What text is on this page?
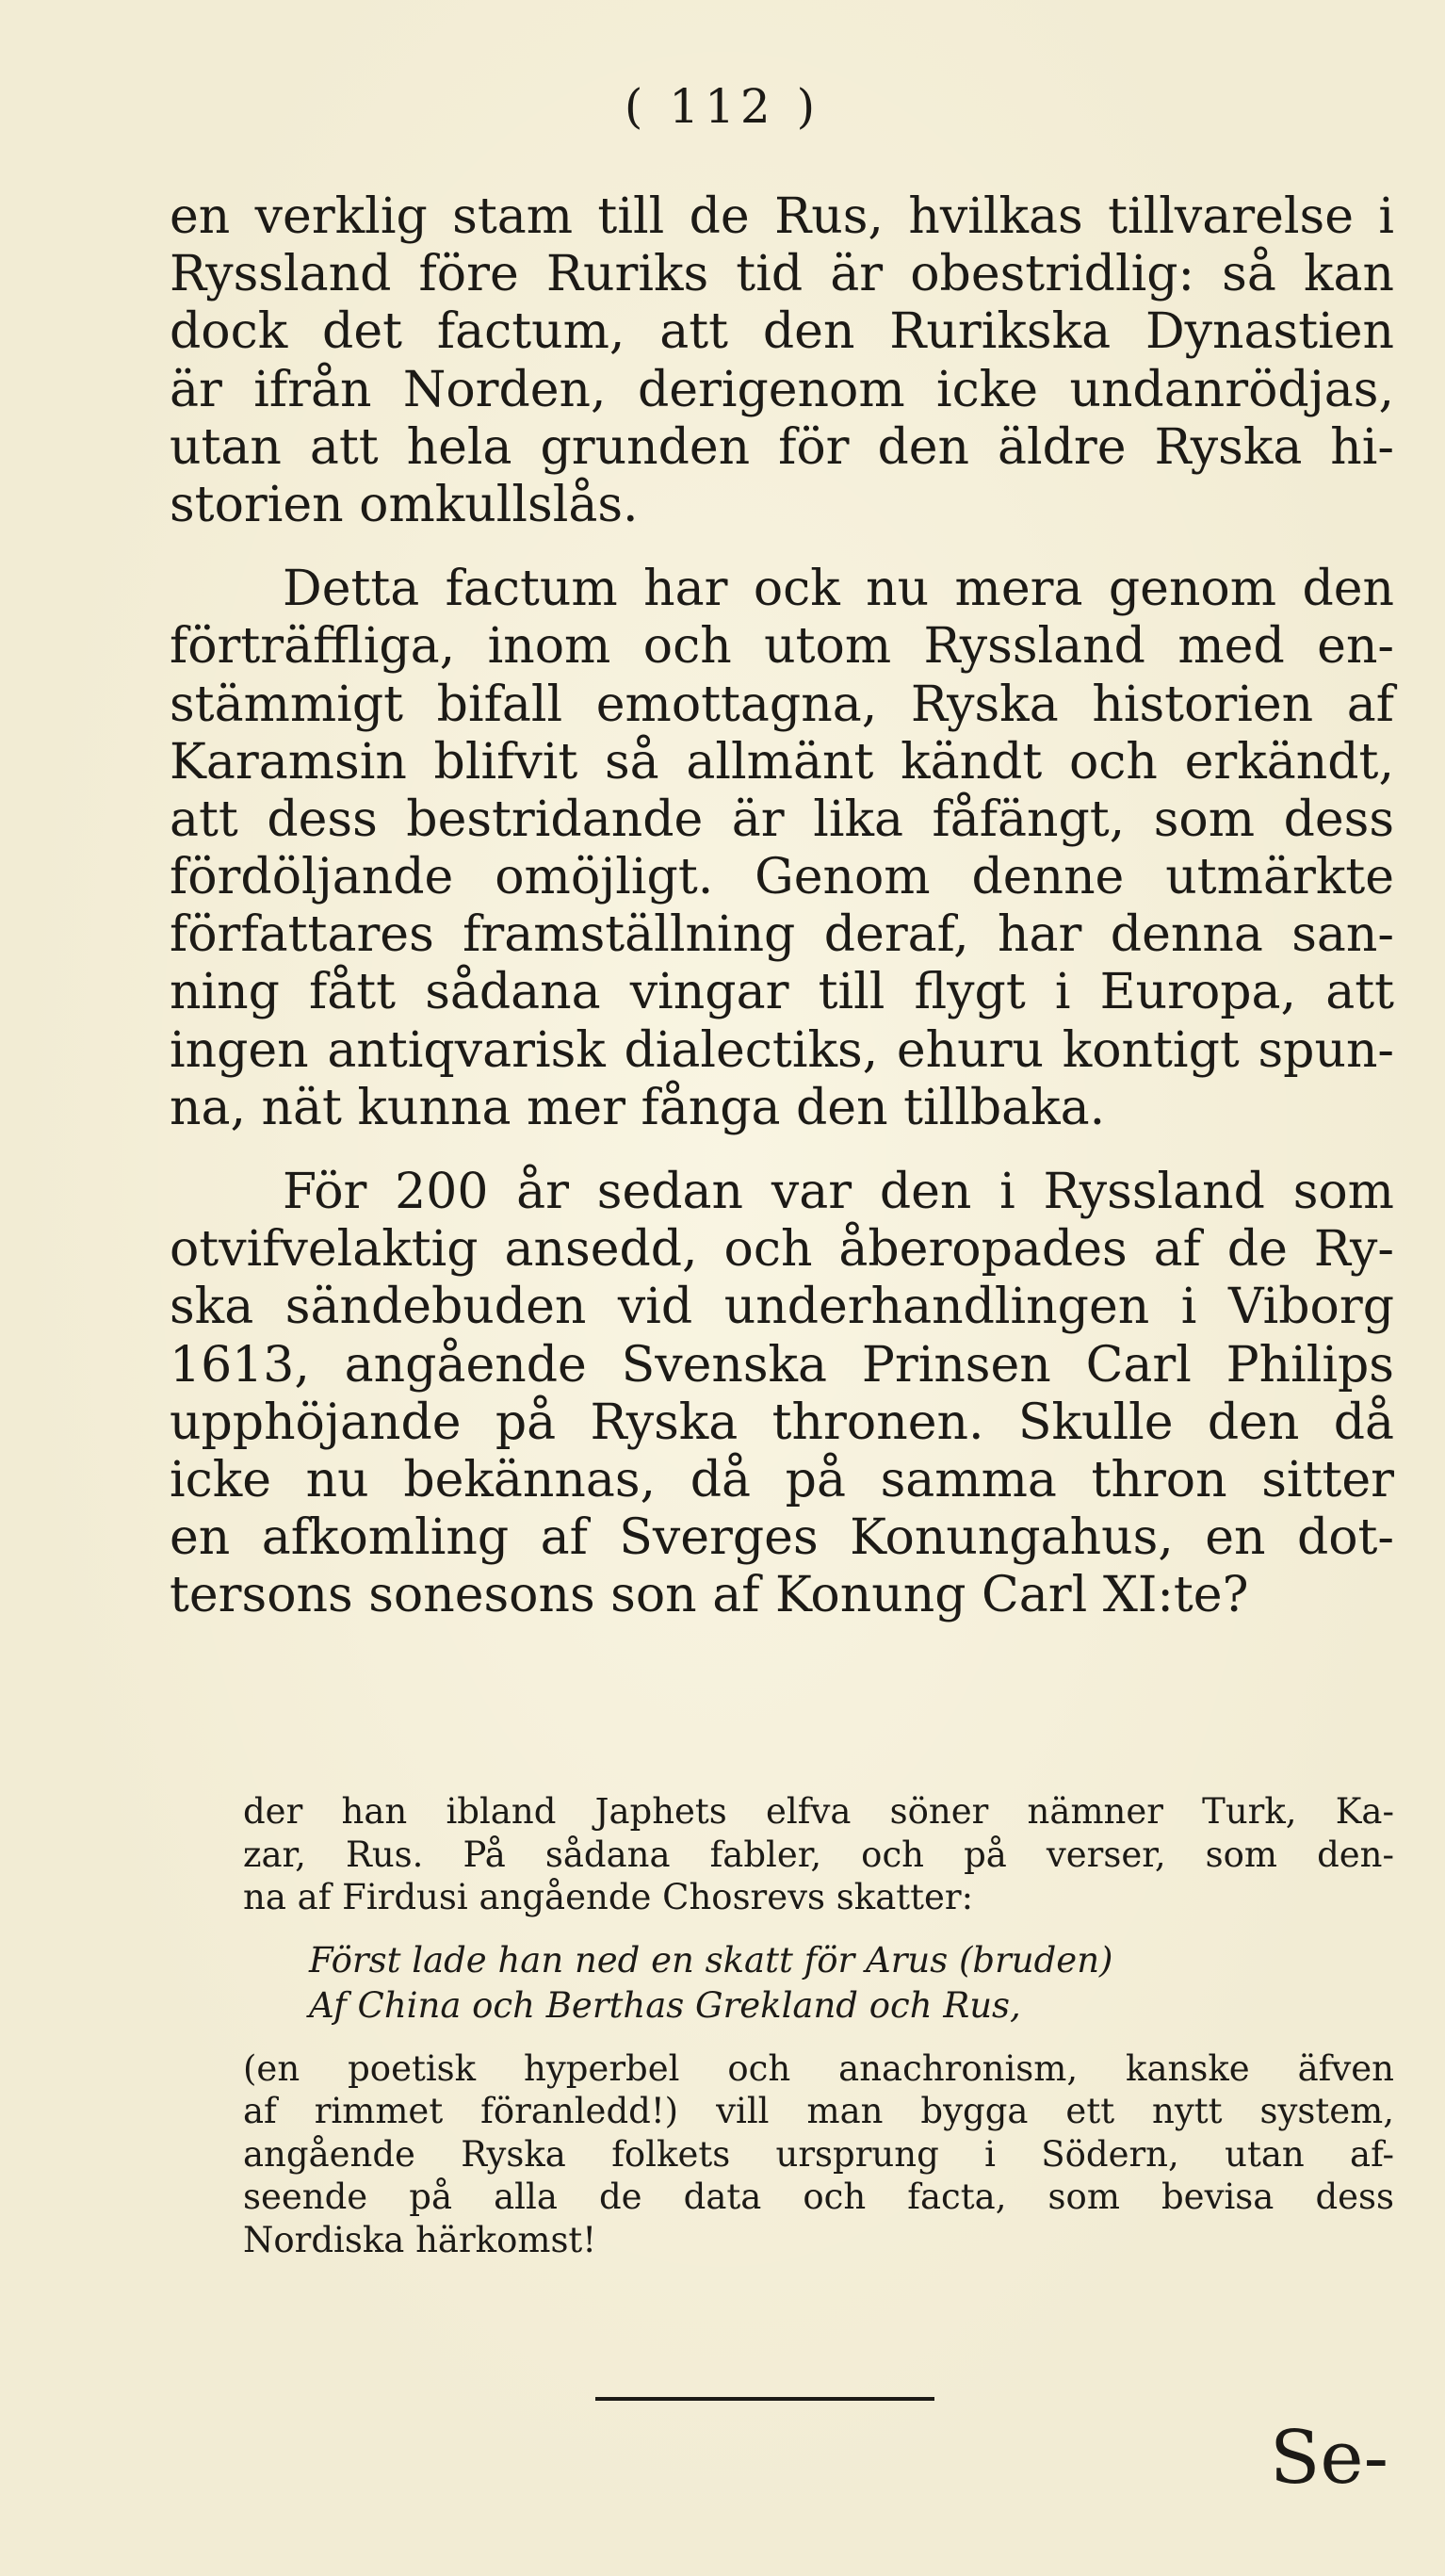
( 112 )
en verklig stam till de Rus, hvilkas tillvarelse i
Ryssland före Ruriks tid är obestridlig: så kan
dock det factum, att den Rurikska Dynastien
är ifrån Norden, derigenom icke undanrödjas,
utan att hela grunden för den äldre Ryska hi-
storien omkullslås.
Detta factum har ock nu mera genom den
förträffliga, inom och utom Ryssland med en-
stämmigt bifall emottagna, Ryska historien af
Karamsin blifvit så allmänt kändt och erkändt,
att dess bestridande är lika fåfängt, som dess
fördöljande omöjligt. Genom denne utmärkte
författares framställning deraf, har denna san-
ning fått sådana vingar till flygt i Europa, att
ingen antiqvarisk dialectiks, ehuru kontigt spun-
na, nät kunna mer fånga den tillbaka.
För 200 år sedan var den i Ryssland som
otvifvelaktig ansedd, och åberopades af de Ry-
ska sändebuden vid underhandlingen i Viborg
1613, angående Svenska Prinsen Carl Philips
upphöjande på Ryska thronen. Skulle den då
icke nu bekännas, då på samma thron sitter
en afkomling af Sverges Konungahus, en dot-
tersons sonesons son af Konung Carl XI:te?
der han ibland Japhets elfva söner nämner Turk, Ka-
zar, Rus. På sådana fabler, och på verser, som den-
na af Firdusi angående Chosrevs skatter:
Först lade han ned en skatt för Arus (bruden)
Af China och Berthas Grekland och Rus,
(en poetisk hyperbel och anachronism, kanske äfven
af rimmet föranledd!) vill man bygga ett nytt system,
angående Ryska folkets ursprung i Södern, utan af-
seende på alla de data och facta, som bevisa dess
Nordiska härkomst!
Se-
